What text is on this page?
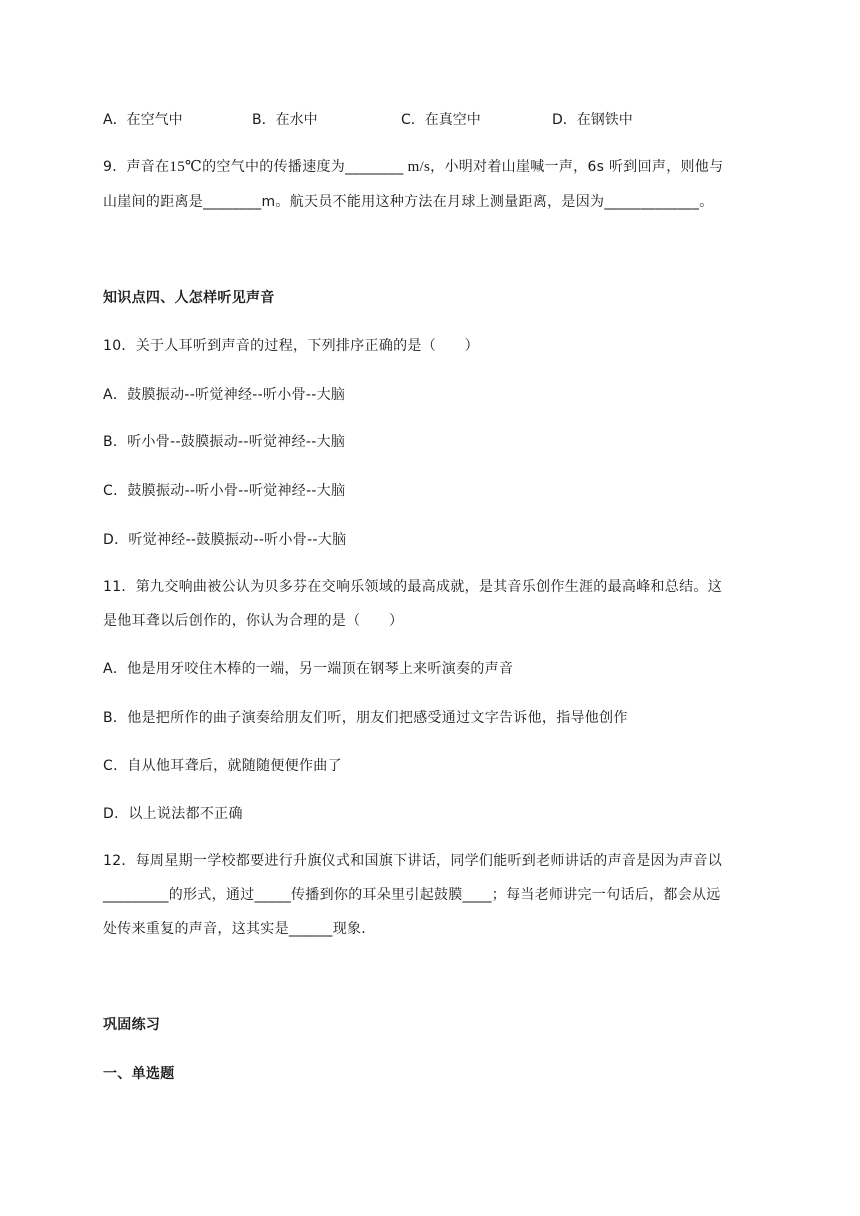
A．在空气中	B．在水中	C．在真空中	D．在钢铁中
9．声音在15℃的空气中的传播速度为________ m/s，小明对着山崖喊一声，6s 听到回声，则他与
山崖间的距离是________m。航天员不能用这种方法在月球上测量距离，是因为_____________。
知识点四、人怎样听见声音
10．关于人耳听到声音的过程，下列排序正确的是（　　）
A．鼓膜振动--听觉神经--听小骨--大脑
B．听小骨--鼓膜振动--听觉神经--大脑
C．鼓膜振动--听小骨--听觉神经--大脑
D．听觉神经--鼓膜振动--听小骨--大脑
11．第九交响曲被公认为贝多芬在交响乐领域的最高成就，是其音乐创作生涯的最高峰和总结。这
是他耳聋以后创作的，你认为合理的是（　　）
A．他是用牙咬住木棒的一端，另一端顶在钢琴上来听演奏的声音
B．他是把所作的曲子演奏给朋友们听，朋友们把感受通过文字告诉他，指导他创作
C．自从他耳聋后，就随随便便作曲了
D．以上说法都不正确
12．每周星期一学校都要进行升旗仪式和国旗下讲话，同学们能听到老师讲话的声音是因为声音以
_________的形式，通过_____传播到你的耳朵里引起鼓膜____；每当老师讲完一句话后，都会从远
处传来重复的声音，这其实是______现象.
巩固练习
一、单选题
